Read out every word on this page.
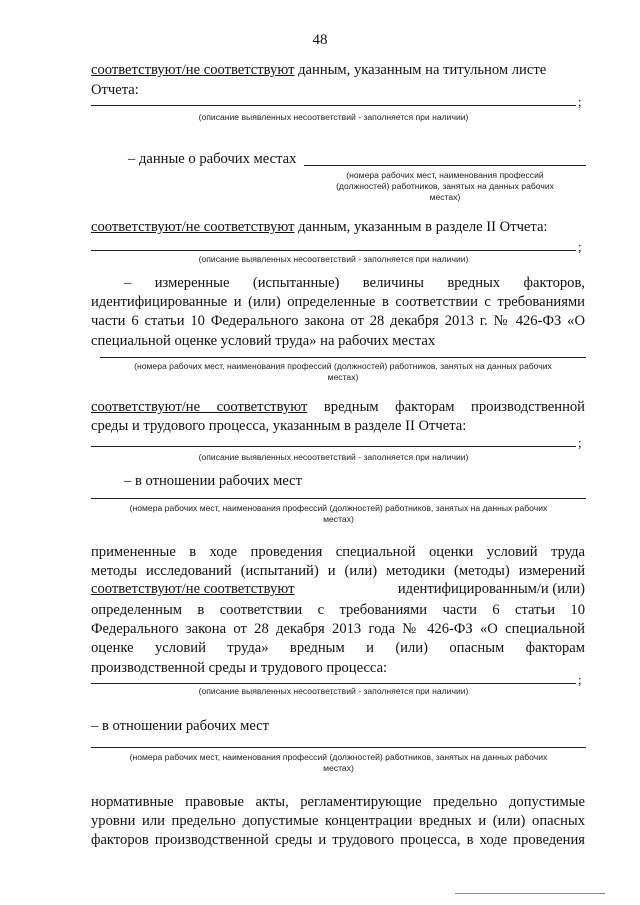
48
соответствуют/не соответствуют данным, указанным на титульном листе
Отчета:
;
(описание выявленных несоответствий - заполняется при наличии)
– данные о рабочих местах
(номера рабочих мест, наименования профессий
(должностей) работников, занятых на данных рабочих
местах)
соответствуют/не соответствуют данным, указанным в разделе II Отчета:
;
(описание выявленных несоответствий - заполняется при наличии)
– измеренные (испытанные) величины вредных факторов,
идентифицированные и (или) определенные в соответствии с требованиями
части 6 статьи 10 Федерального закона от 28 декабря 2013 г. № 426-ФЗ «О
специальной оценке условий труда» на рабочих местах
(номера рабочих мест, наименования профессий (должностей) работников, занятых на данных рабочих
местах)
соответствуют/не соответствуют вредным факторам производственной
среды и трудового процесса, указанным в разделе II Отчета:
;
(описание выявленных несоответствий - заполняется при наличии)
– в отношении рабочих мест
(номера рабочих мест, наименования профессий (должностей) работников, занятых на данных рабочих
местах)
примененные в ходе проведения специальной оценки условий труда
методы исследований (испытаний) и (или) методики (методы) измерений
соответствуют/не соответствуют	идентифицированным/и (или)
определенным в соответствии с требованиями части 6 статьи 10
Федерального закона от 28 декабря 2013 года № 426-ФЗ «О специальной
оценке условий труда» вредным и (или) опасным факторам
производственной среды и трудового процесса:
;
(описание выявленных несоответствий - заполняется при наличии)
– в отношении рабочих мест
(номера рабочих мест, наименования профессий (должностей) работников, занятых на данных рабочих
местах)
нормативные правовые акты, регламентирующие предельно допустимые
уровни или предельно допустимые концентрации вредных и (или) опасных
факторов производственной среды и трудового процесса, в ходе проведения
